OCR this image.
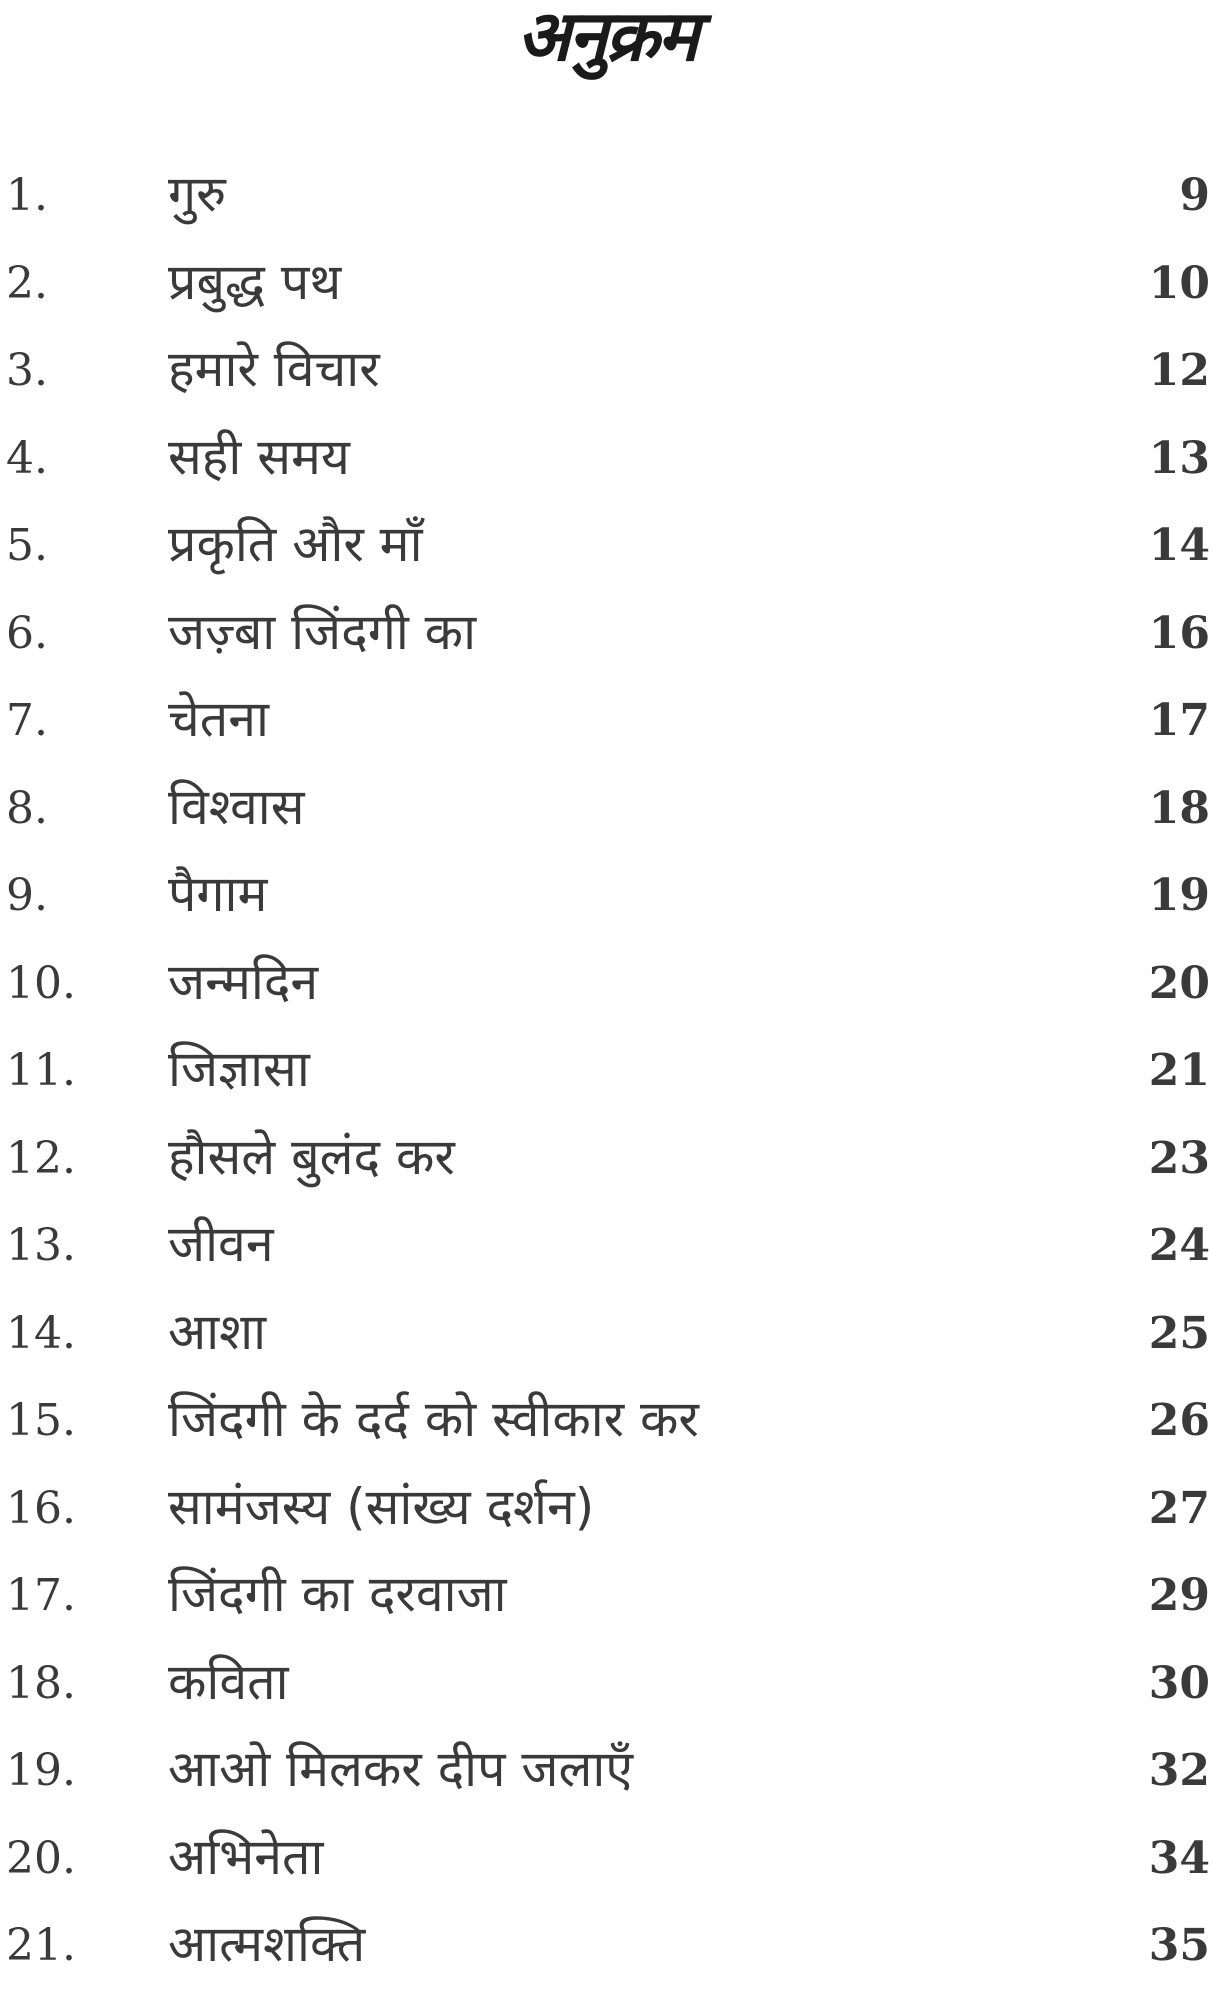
अनुक्रम
1. गुरु	9
2. प्रबुद्ध पथ	10
3. हमारे विचार	12
4. सही समय	13
5. प्रकृति और माँ	14
6. जज़्बा जिंदगी का	16
7. चेतना	17
8. विश्वास	18
9. पैगाम	19
10. जन्मदिन	20
11. जिज्ञासा	21
12. हौसले बुलंद कर	23
13. जीवन	24
14. आशा	25
15. जिंदगी के दर्द को स्वीकार कर	26
16. सामंजस्य (सांख्य दर्शन)	27
17. जिंदगी का दरवाजा	29
18. कविता	30
19. आओ मिलकर दीप जलाएँ	32
20. अभिनेता	34
21. आत्मशक्ति	35
